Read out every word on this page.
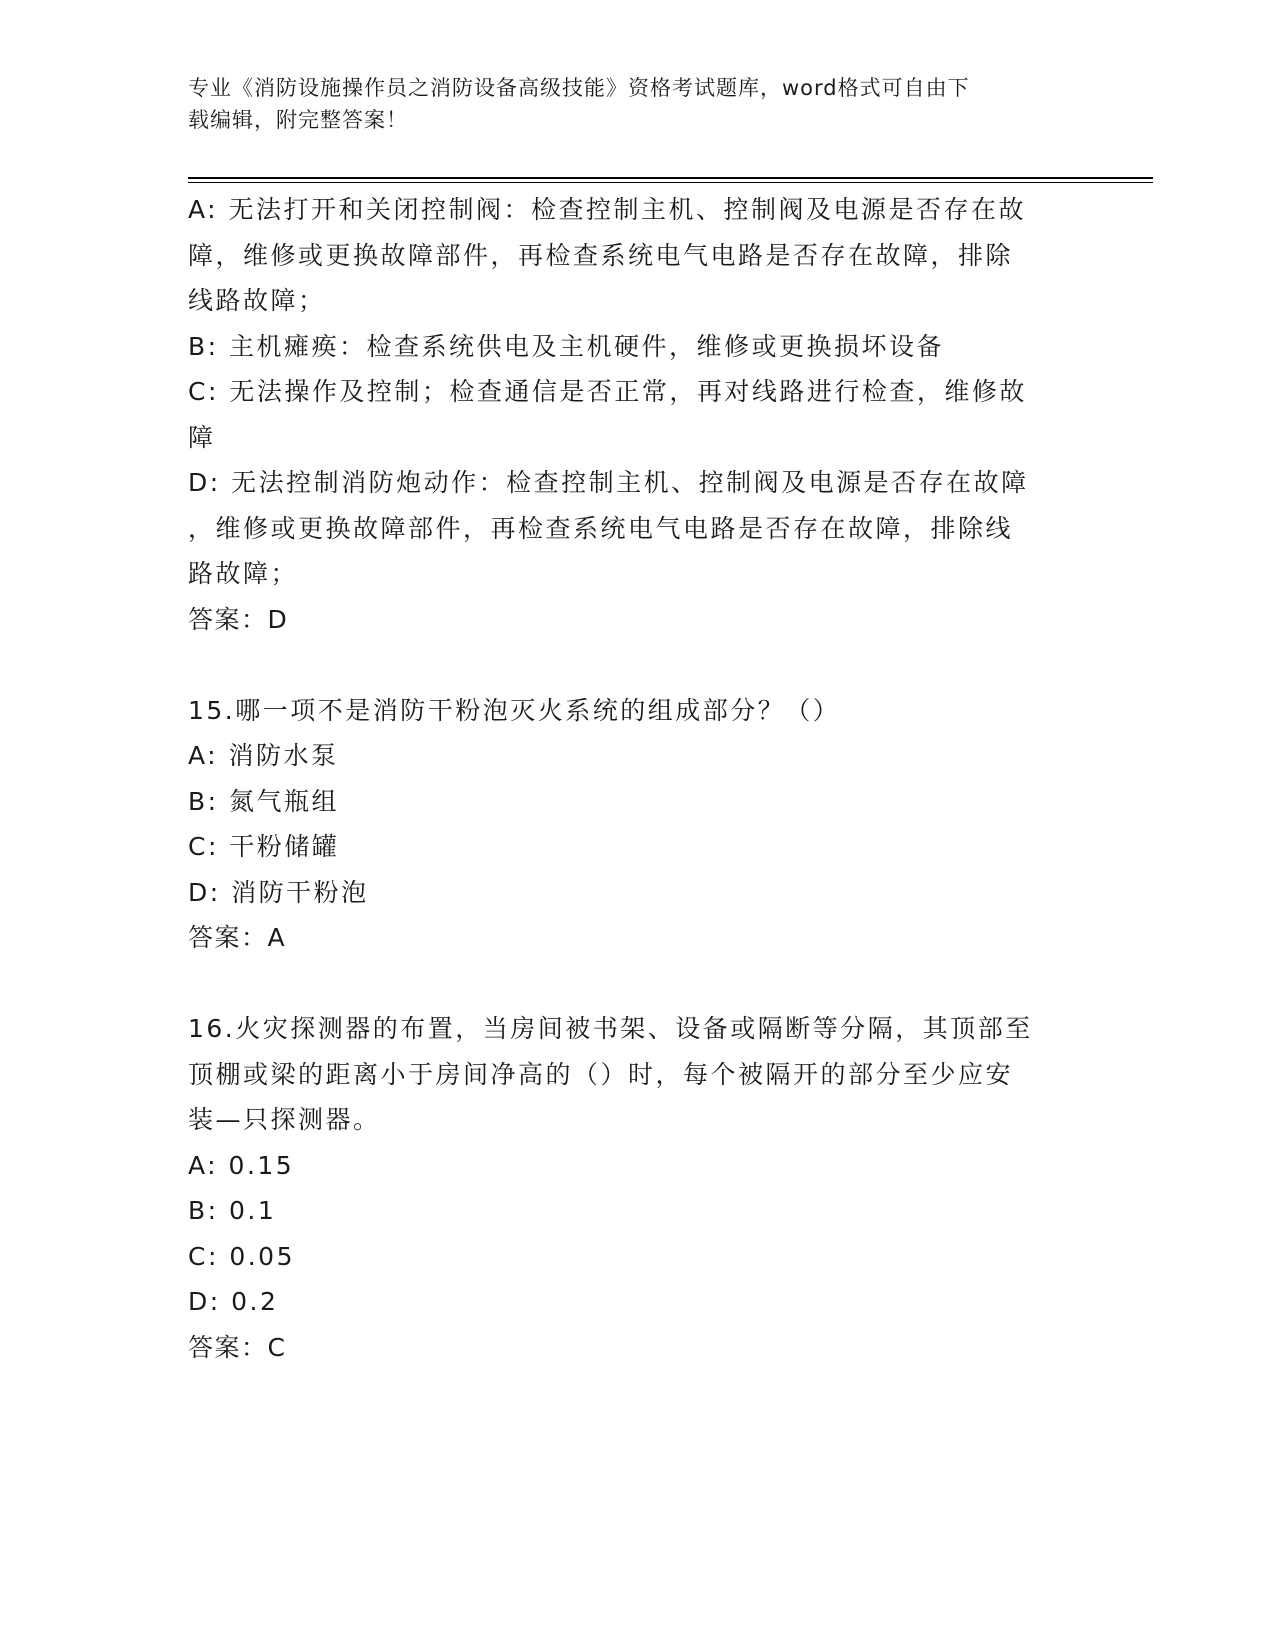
专业《消防设施操作员之消防设备高级技能》资格考试题库，word格式可自由下
载编辑，附完整答案！
A: 无法打开和关闭控制阀：检查控制主机、控制阀及电源是否存在故
障，维修或更换故障部件，再检查系统电气电路是否存在故障，排除
线路故障；
B: 主机瘫痪：检查系统供电及主机硬件，维修或更换损坏设备
C: 无法操作及控制；检查通信是否正常，再对线路进行检查，维修故
障
D: 无法控制消防炮动作：检查控制主机、控制阀及电源是否存在故障
，维修或更换故障部件，再检查系统电气电路是否存在故障，排除线
路故障；
答案：D
15.哪一项不是消防干粉泡灭火系统的组成部分？（）
A: 消防水泵
B: 氮气瓶组
C: 干粉储罐
D: 消防干粉泡
答案：A
16.火灾探测器的布置，当房间被书架、设备或隔断等分隔，其顶部至
顶棚或梁的距离小于房间净高的（）时，每个被隔开的部分至少应安
装—只探测器。
A: 0.15
B: 0.1
C: 0.05
D: 0.2
答案：C
